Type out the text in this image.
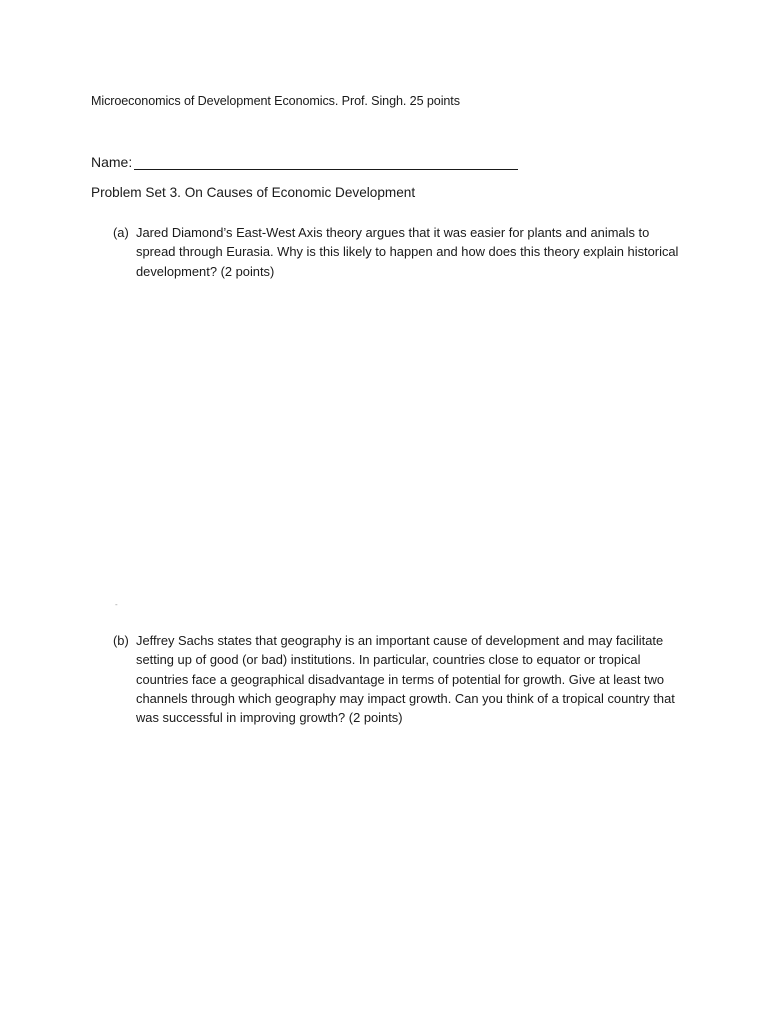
Microeconomics of Development Economics. Prof. Singh. 25 points
Name:
Problem Set 3. On Causes of Economic Development
(a) Jared Diamond’s East-West Axis theory argues that it was easier for plants and animals to spread through Eurasia. Why is this likely to happen and how does this theory explain historical development? (2 points)
-
(b) Jeffrey Sachs states that geography is an important cause of development and may facilitate setting up of good (or bad) institutions. In particular, countries close to equator or tropical countries face a geographical disadvantage in terms of potential for growth. Give at least two channels through which geography may impact growth. Can you think of a tropical country that was successful in improving growth? (2 points)
